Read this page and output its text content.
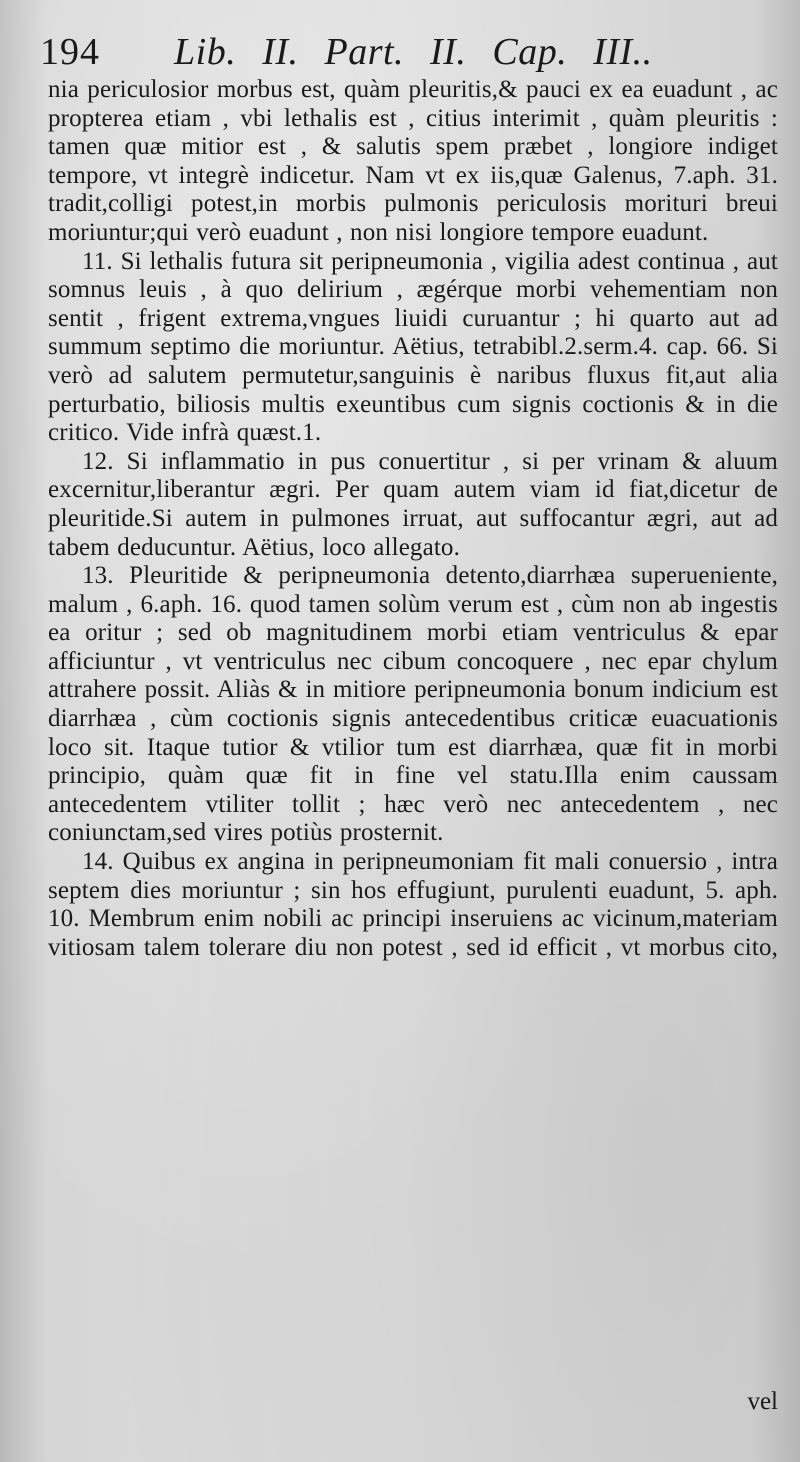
194 Lib. II. Part. II. Cap. III..

nia periculosior morbus est, quàm pleuritis,& pauci ex ea euadunt , ac propterea etiam , vbi lethalis est , citius interimit , quàm pleuritis : tamen quæ mitior est , & salutis spem præbet , longiore indiget tempore, vt integrè indicetur. Nam vt ex iis,quæ Galenus, 7.aph. 31. tradit,colligi potest,in morbis pulmonis periculosis morituri breui moriuntur;qui verò euadunt , non nisi longiore tempore euadunt.

11. Si lethalis futura sit peripneumonia , vigilia adest continua , aut somnus leuis , à quo delirium , ægérque morbi vehementiam non sentit , frigent extrema,vngues liuidi curuantur ; hi quarto aut ad summum septimo die moriuntur. Aëtius, tetrabibl.2.serm.4. cap. 66. Si verò ad salutem permutetur,sanguinis è naribus fluxus fit,aut alia perturbatio, biliosis multis exeuntibus cum signis coctionis & in die critico. Vide infrà quæst.1.

12. Si inflammatio in pus conuertitur , si per vrinam & aluum excernitur,liberantur ægri. Per quam autem viam id fiat,dicetur de pleuritide.Si autem in pulmones irruat, aut suffocantur ægri, aut ad tabem deducuntur. Aëtius, loco allegato.

13. Pleuritide & peripneumonia detento,diarrhæa superueniente, malum , 6.aph. 16. quod tamen solùm verum est , cùm non ab ingestis ea oritur ; sed ob magnitudinem morbi etiam ventriculus & epar afficiuntur , vt ventriculus nec cibum concoquere , nec epar chylum attrahere possit. Aliàs & in mitiore peripneumonia bonum indicium est diarrhæa , cùm coctionis signis antecedentibus criticæ euacuationis loco sit. Itaque tutior & vtilior tum est diarrhæa, quæ fit in morbi principio, quàm quæ fit in fine vel statu.Illa enim caussam antecedentem vtiliter tollit ; hæc verò nec antecedentem , nec coniunctam,sed vires potiùs prosternit.

14. Quibus ex angina in peripneumoniam fit mali conuersio , intra septem dies moriuntur ; sin hos effugiunt, purulenti euadunt, 5. aph. 10. Membrum enim nobili ac principi inseruiens ac vicinum,materiam vitiosam talem tolerare diu non potest , sed id efficit , vt morbus cito,

vel
